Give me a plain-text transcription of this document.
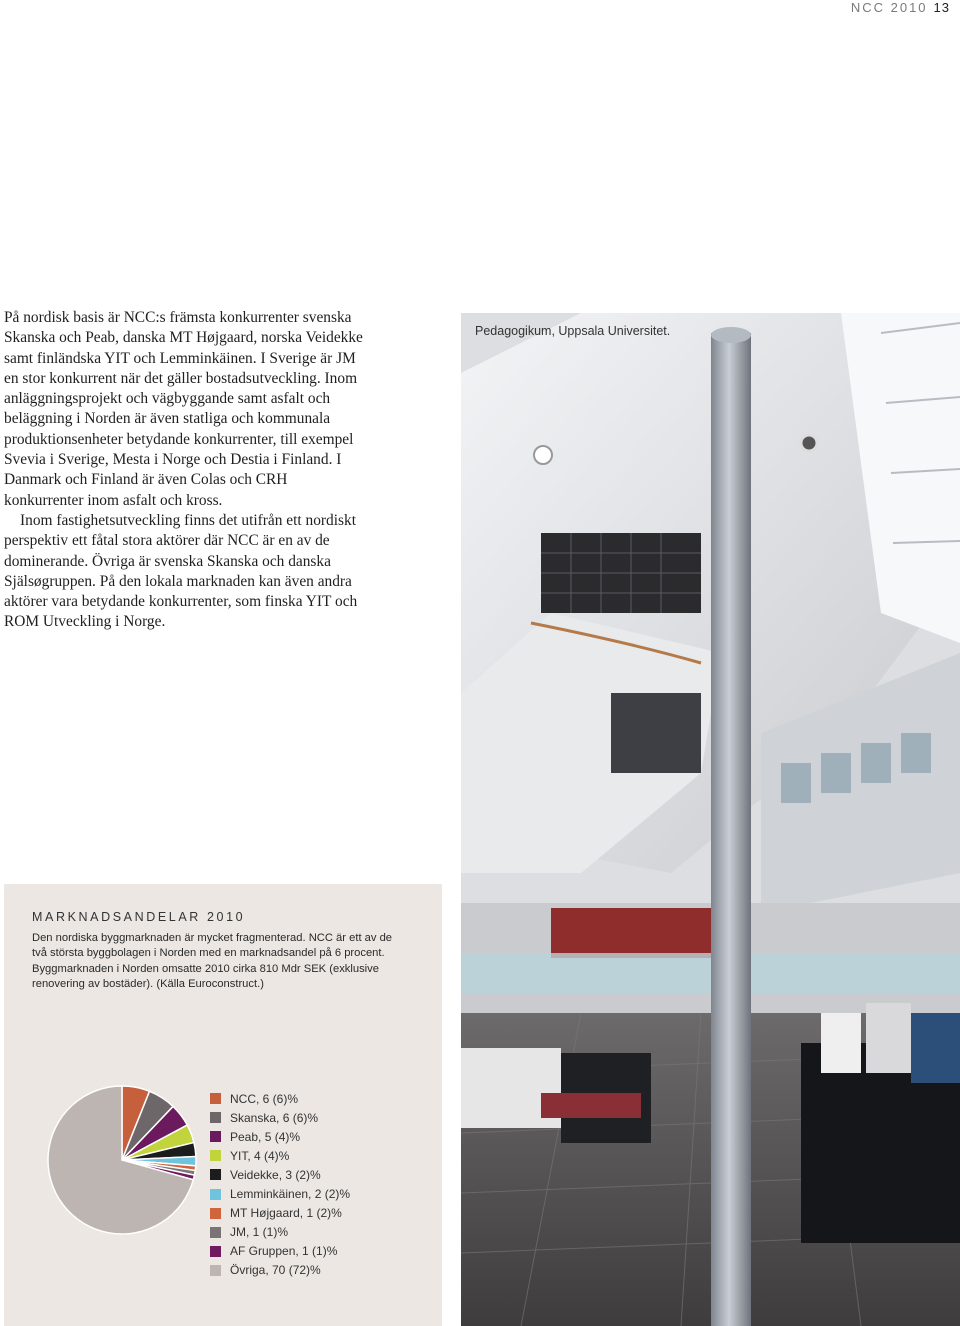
NCC 2010 13

På nordisk basis är NCC:s främsta konkurrenter svenska Skanska och Peab, danska MT Højgaard, norska Veidekke samt finländska YIT och Lemminkäinen. I Sverige är JM en stor konkurrent när det gäller bostadsutveckling. Inom anläggningsprojekt och vägbyggande samt asfalt och beläggning i Norden är även statliga och kommunala produktionsenheter betydande konkurrenter, till exempel Svevia i Sverige, Mesta i Norge och Destia i Finland. I Danmark och Finland är även Colas och CRH konkurrenter inom asfalt och kross.

Inom fastighetsutveckling finns det utifrån ett nordiskt perspektiv ett fåtal stora aktörer där NCC är en av de dominerande. Övriga är svenska Skanska och danska Själsøgruppen. På den lokala marknaden kan även andra aktörer vara betydande konkurrenter, som finska YIT och ROM Utveckling i Norge.

Pedagogikum, Uppsala Universitet.
MARKNADSANDELAR 2010
Den nordiska byggmarknaden är mycket fragmenterad. NCC är ett av de två största byggbolagen i Norden med en marknadsandel på 6 procent. Byggmarknaden i Norden omsatte 2010 cirka 810 Mdr SEK (exklusive renovering av bostäder). (Källa Euroconstruct.)
NCC, 6 (6)%
Skanska, 6 (6)%
Peab, 5 (4)%
YIT, 4 (4)%
Veidekke, 3 (2)%
Lemminkäinen, 2 (2)%
MT Højgaard, 1 (2)%
JM, 1 (1)%
AF Gruppen, 1 (1)%
Övriga, 70 (72)%
